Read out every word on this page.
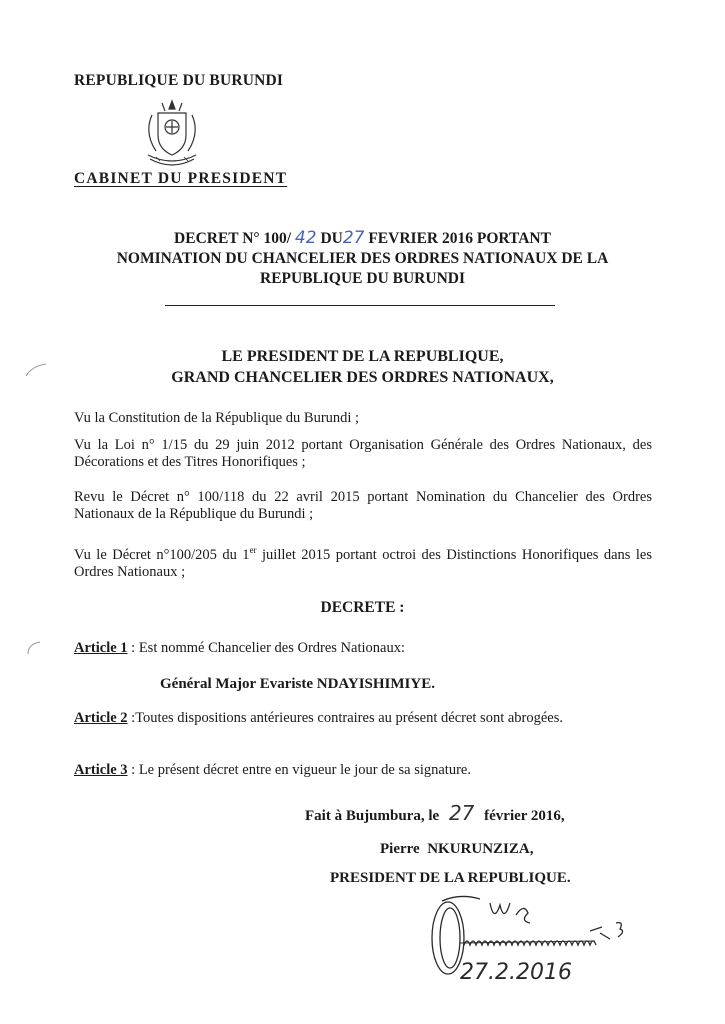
REPUBLIQUE DU BURUNDI
CABINET DU PRESIDENT
DECRET N° 100/ 42 DU27 FEVRIER 2016 PORTANT
NOMINATION DU CHANCELIER DES ORDRES NATIONAUX DE LA
REPUBLIQUE DU BURUNDI
LE PRESIDENT DE LA REPUBLIQUE,
GRAND CHANCELIER DES ORDRES NATIONAUX,
Vu la Constitution de la République du Burundi ;
Vu la Loi n° 1/15 du 29 juin 2012 portant Organisation Générale des Ordres Nationaux, des Décorations et des Titres Honorifiques ;
Revu le Décret n° 100/118 du 22 avril 2015 portant Nomination du Chancelier des Ordres Nationaux de la République du Burundi ;
Vu le Décret n°100/205 du 1er juillet 2015 portant octroi des Distinctions Honorifiques dans les Ordres Nationaux ;
DECRETE :
Article 1 : Est nommé Chancelier des Ordres Nationaux:
Général Major Evariste NDAYISHIMIYE.
Article 2 : Toutes dispositions antérieures contraires au présent décret sont abrogées.
Article 3 : Le présent décret entre en vigueur le jour de sa signature.
Fait à Bujumbura, le 27 février 2016,
Pierre  NKURUNZIZA,
PRESIDENT DE LA REPUBLIQUE.
27.2.2016
